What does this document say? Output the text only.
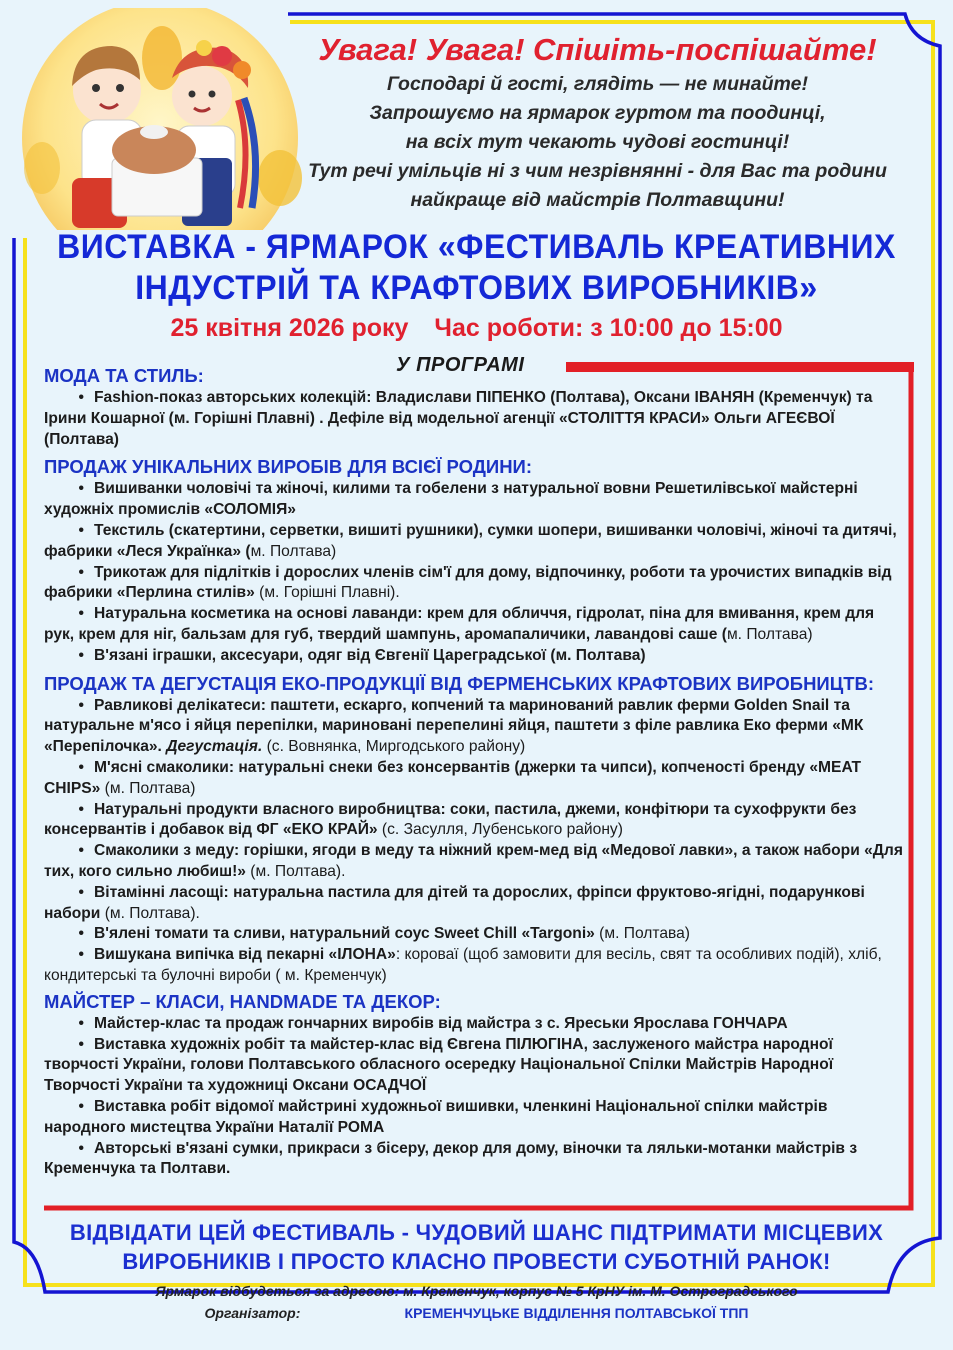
Увага! Увага! Спішіть-поспішайте!

Господарі й гості, глядіть — не минайте!

Запрошуємо на ярмарок гуртом та поодинці,

на всіх тут чекають чудові гостинці!

Тут речі умільців ні з чим незрівнянні - для Вас та родини

найкраще від майстрів Полтавщини!

ВИСТАВКА - ЯРМАРОК «ФЕСТИВАЛЬ КРЕАТИВНИХ

ІНДУСТРІЙ ТА КРАФТОВИХ ВИРОБНИКІВ»

25 квітня 2026 року Час роботи: з 10:00 до 15:00

У ПРОГРАМІ

МОДА ТА СТИЛЬ:

•Fashion-показ авторських колекцій: Владислави ПІПЕНКО (Полтава), Оксани ІВАНЯН (Кременчук) та Ірини Кошарної (м. Горішні Плавні) . Дефіле від модельної агенції «СТОЛІТТЯ КРАСИ» Ольги АГЕЄВОЇ (Полтава)

ПРОДАЖ УНІКАЛЬНИХ ВИРОБІВ ДЛЯ ВСІЄЇ РОДИНИ:

•Вишиванки чоловічі та жіночі, килими та гобелени з натуральної вовни Решетилівської майстерні художніх промислів «СОЛОМІЯ»

•Текстиль (скатертини, серветки, вишиті рушники), сумки шопери, вишиванки чоловічі, жіночі та дитячі, фабрики «Леся Українка» (м. Полтава)

•Трикотаж для підлітків і дорослих членів сім'ї для дому, відпочинку, роботи та урочистих випадків від фабрики «Перлина стилів» (м. Горішні Плавні).

•Натуральна косметика на основі лаванди: крем для обличчя, гідролат, піна для вмивання, крем для рук, крем для ніг, бальзам для губ, твердий шампунь, аромапаличики, лавандові саше (м. Полтава)

•В'язані іграшки, аксесуари, одяг від Євгенії Цареградської (м. Полтава)

ПРОДАЖ ТА ДЕГУСТАЦІЯ ЕКО-ПРОДУКЦІЇ ВІД ФЕРМЕНСЬКИХ КРАФТОВИХ ВИРОБНИЦТВ:

•Равликові делікатеси: паштети, ескарго, копчений та маринований равлик ферми Golden Snail та натуральне м'ясо і яйця перепілки, мариновані перепелині яйця, паштети з філе равлика Еко ферми «МК «Перепілочка». Дегустація. (с. Вовнянка, Миргодського району)

•М'ясні смаколики: натуральні снеки без консервантів (джерки та чипси), копченості бренду «MEAT CHIPS» (м. Полтава)

•Натуральні продукти власного виробництва: соки, пастила, джеми, конфітюри та сухофрукти без консервантів і добавок від ФГ «ЕКО КРАЙ» (с. Засулля, Лубенського району)

•Смаколики з меду: горішки, ягоди в меду та ніжний крем-мед від «Медової лавки», а також набори «Для тих, кого сильно любиш!» (м. Полтава).

•Вітамінні ласощі: натуральна пастила для дітей та дорослих, фріпси фруктово-ягідні, подарункові набори (м. Полтава).

•В'ялені томати та сливи, натуральний соус Sweet Chill «Targoni» (м. Полтава)

•Вишукана випічка від пекарні «ІЛОНА»: короваї (щоб замовити для весіль, свят та особливих подій), хліб, кондитерські та булочні вироби ( м. Кременчук)

МАЙСТЕР – КЛАСИ, HANDMADE ТА ДЕКОР:

•Майстер-клас та продаж гончарних виробів від майстра з с. Яреськи Ярослава ГОНЧАРА

•Виставка художніх робіт та майстер-клас від Євгена ПІЛЮГІНА, заслуженого майстра народної творчості України, голови Полтавського обласного осередку Національної Спілки Майстрів Народної Творчості України та художниці Оксани ОСАДЧОЇ

•Виставка робіт відомої майстрині художньої вишивки, членкині Національної спілки майстрів народного мистецтва України Наталії РОМА

•Авторські в'язані сумки, прикраси з бісеру, декор для дому, віночки та ляльки-мотанки майстрів з Кременчука та Полтави.

ВІДВІДАТИ ЦЕЙ ФЕСТИВАЛЬ - ЧУДОВИЙ ШАНС ПІДТРИМАТИ МІСЦЕВИХ

ВИРОБНИКІВ І ПРОСТО КЛАСНО ПРОВЕСТИ СУБОТНІЙ РАНОК!

Ярмарок відбудеться за адресою: м. Кременчук, корпус № 5 КрНУ ім. М. Остроградського

Організатор:	КРЕМЕНЧУЦЬКЕ ВІДДІЛЕННЯ ПОЛТАВСЬКОЇ ТПП
